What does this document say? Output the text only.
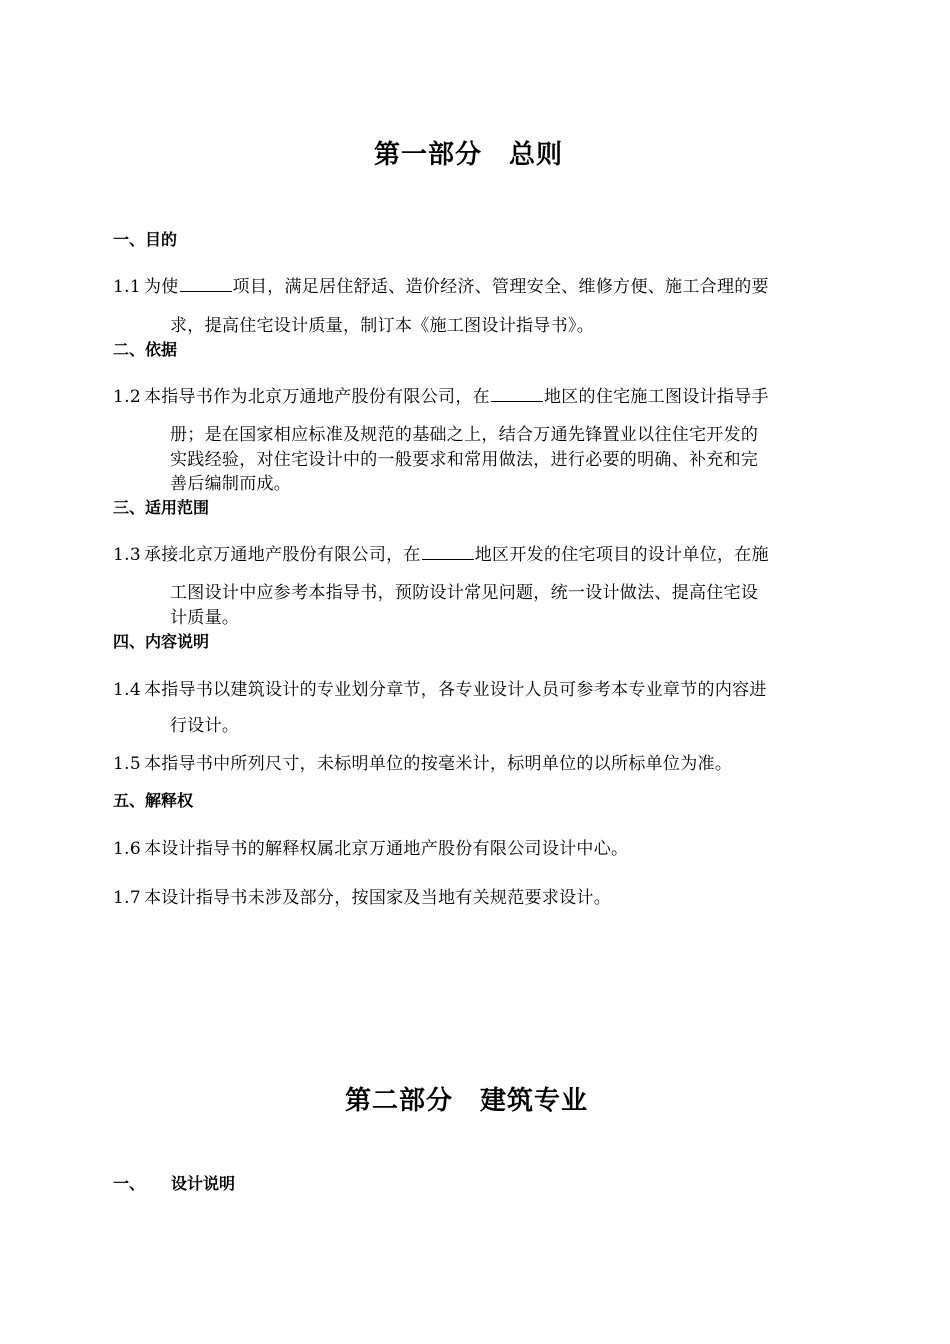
第一部分　总则
一、目的
1.1 为使	项目，满足居住舒适、造价经济、管理安全、维修方便、施工合理的要
求，提高住宅设计质量，制订本《施工图设计指导书》。
二、依据
1.2 本指导书作为北京万通地产股份有限公司，在	地区的住宅施工图设计指导手
册；是在国家相应标准及规范的基础之上，结合万通先锋置业以往住宅开发的
实践经验，对住宅设计中的一般要求和常用做法，进行必要的明确、补充和完
善后编制而成。
三、适用范围
1.3 承接北京万通地产股份有限公司，在	地区开发的住宅项目的设计单位，在施
工图设计中应参考本指导书，预防设计常见问题，统一设计做法、提高住宅设
计质量。
四、内容说明
1.4 本指导书以建筑设计的专业划分章节，各专业设计人员可参考本专业章节的内容进
行设计。
1.5 本指导书中所列尺寸，未标明单位的按毫米计，标明单位的以所标单位为准。
五、解释权
1.6 本设计指导书的解释权属北京万通地产股份有限公司设计中心。
1.7 本设计指导书未涉及部分，按国家及当地有关规范要求设计。
第二部分　建筑专业
一、 设计说明
